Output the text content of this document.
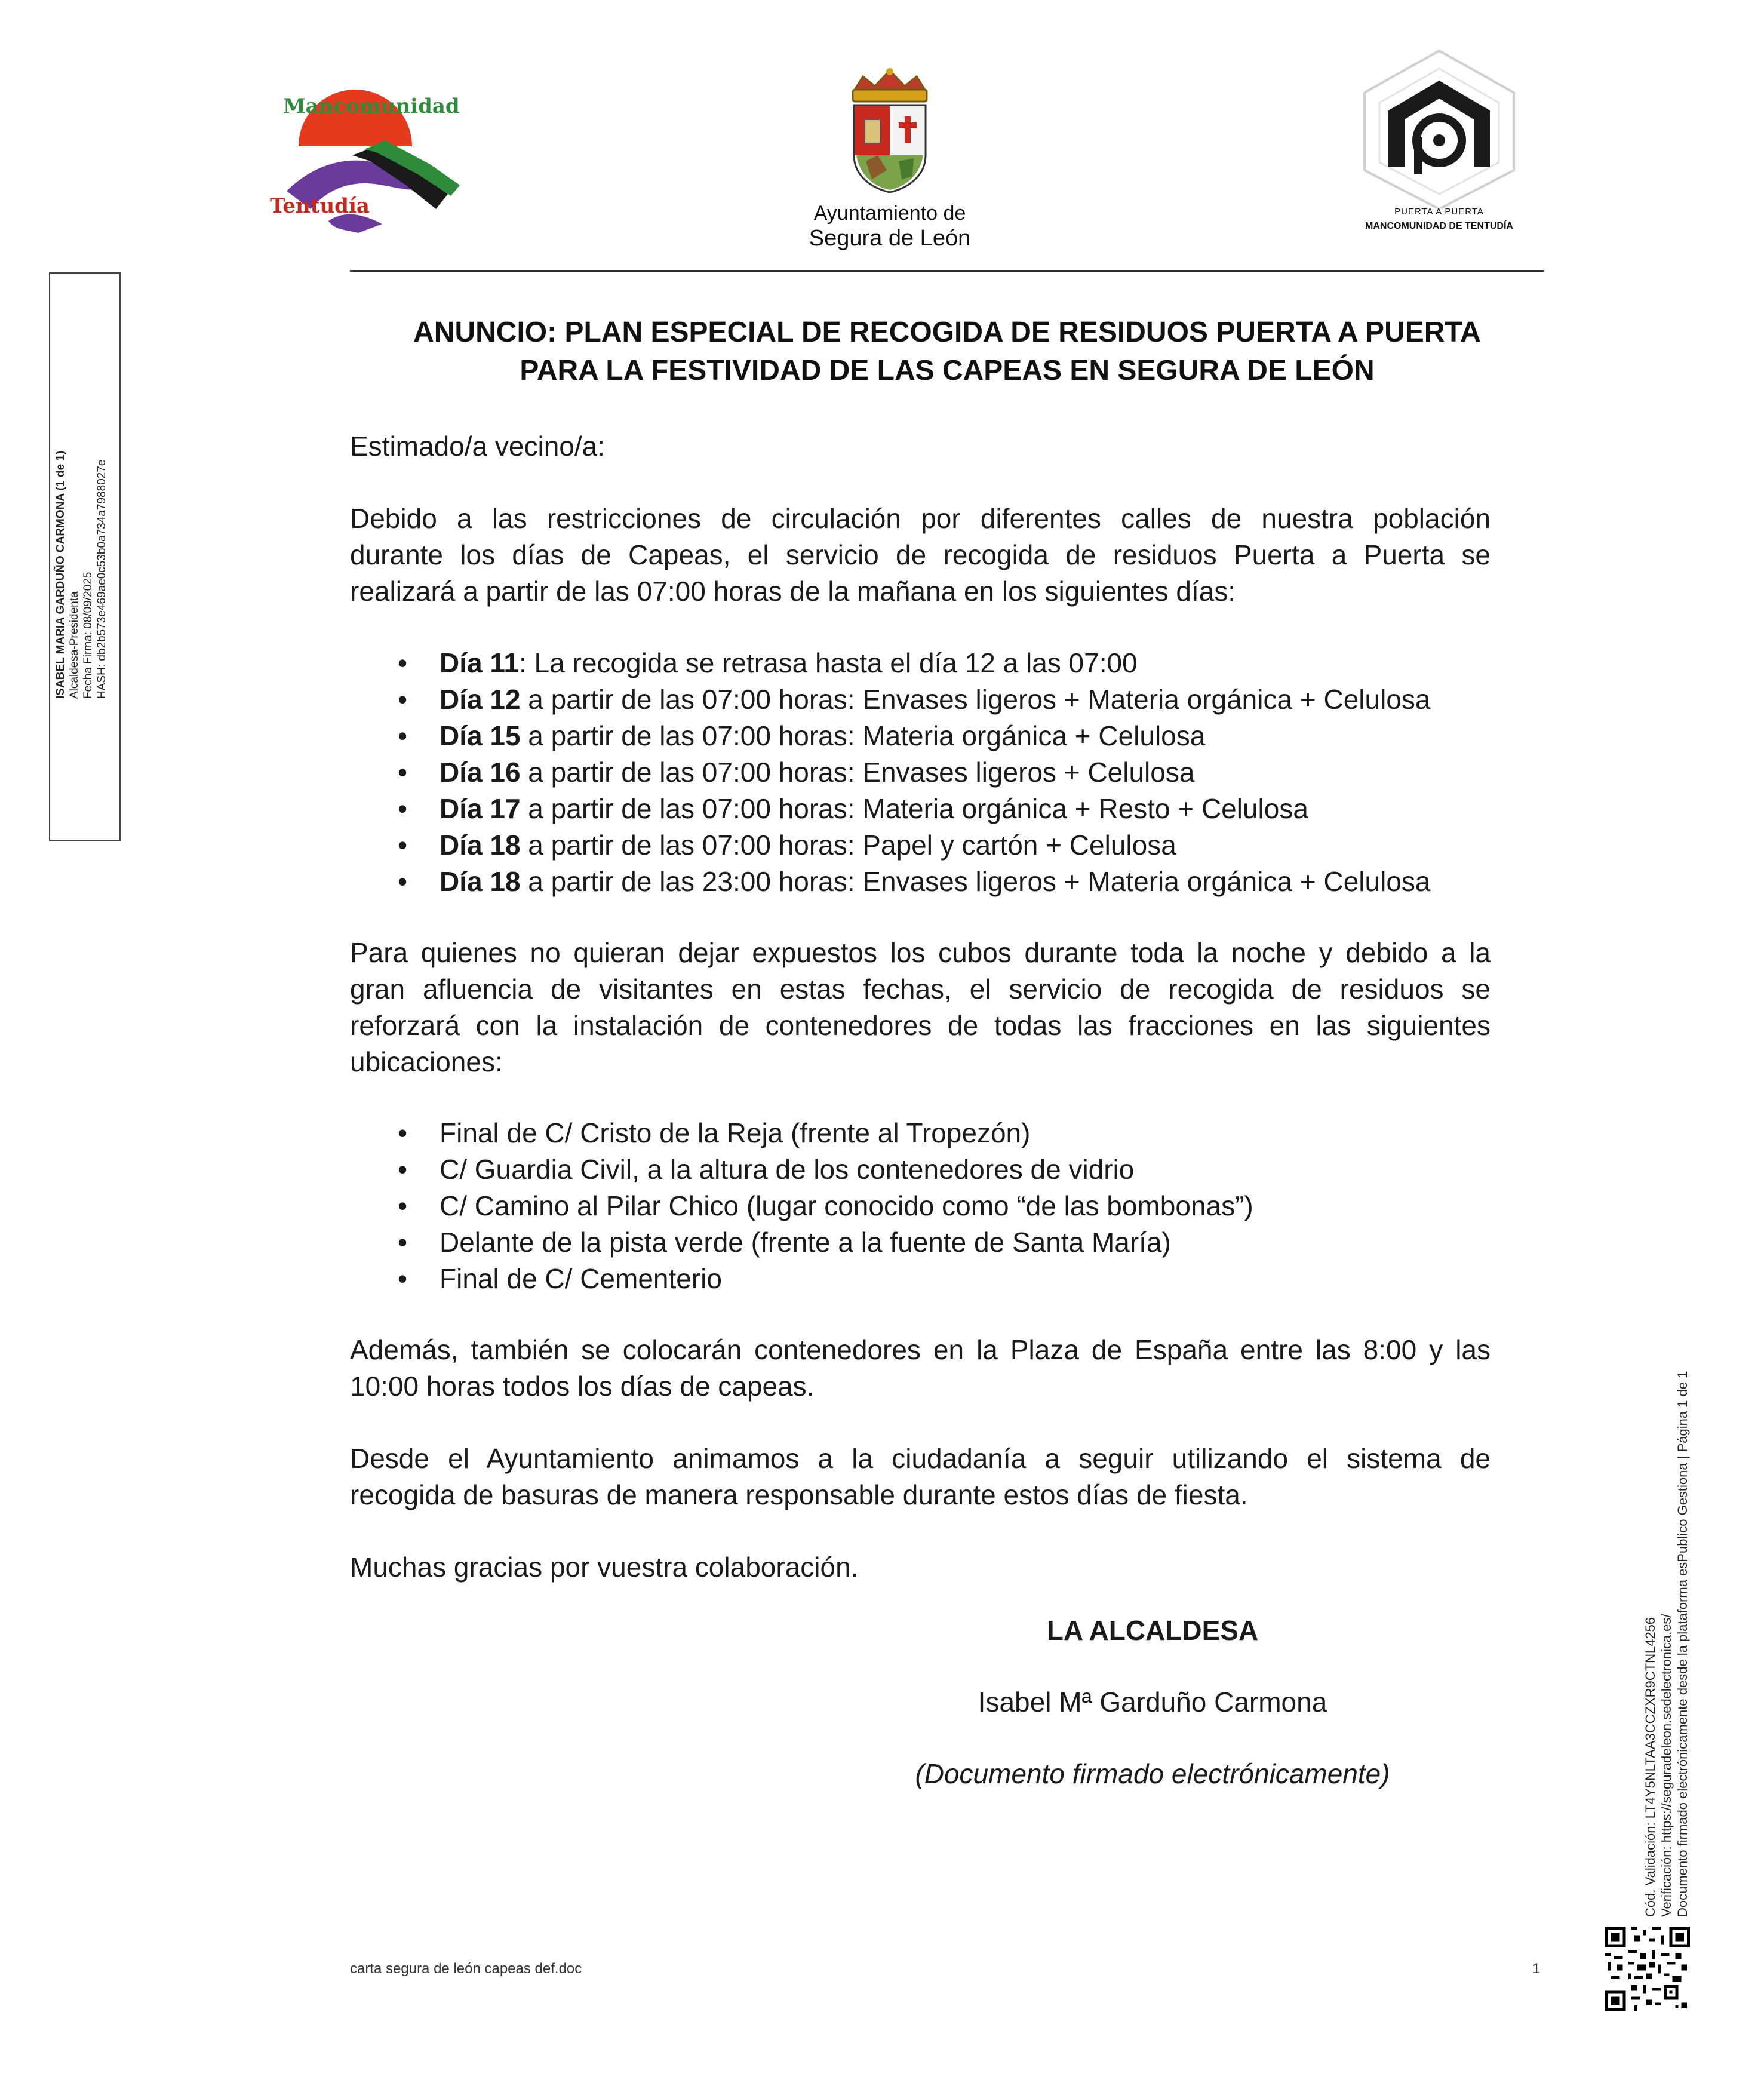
Mancomunidad
Tentudía	Ayuntamiento de
Segura de León
PUERTA A PUERTA
MANCOMUNIDAD DE TENTUDÍA
ISABEL MARIA GARDUÑO CARMONA (1 de 1) Alcaldesa-Presidenta Fecha Firma: 08/09/2025 HASH: db2b573e469ae0c53b0a734a7988027e
Cód. Validación: LT4Y5NLTAA3CCZXR9CTNL4256 Verificación: https://seguradeleon.sedelectronica.es/ Documento firmado electrónicamente desde la plataforma esPublico Gestiona | Página 1 de 1
ANUNCIO: PLAN ESPECIAL DE RECOGIDA DE RESIDUOS PUERTA A PUERTA
PARA LA FESTIVIDAD DE LAS CAPEAS EN SEGURA DE LEÓN
Estimado/a vecino/a:
Debido a las restricciones de circulación por diferentes calles de nuestra población
durante los días de Capeas, el servicio de recogida de residuos Puerta a Puerta se
realizará a partir de las 07:00 horas de la mañana en los siguientes días:
• Día 11: La recogida se retrasa hasta el día 12 a las 07:00
• Día 12 a partir de las 07:00 horas: Envases ligeros + Materia orgánica + Celulosa
• Día 15 a partir de las 07:00 horas: Materia orgánica + Celulosa
• Día 16 a partir de las 07:00 horas: Envases ligeros + Celulosa
• Día 17 a partir de las 07:00 horas: Materia orgánica + Resto + Celulosa
• Día 18 a partir de las 07:00 horas: Papel y cartón + Celulosa
• Día 18 a partir de las 23:00 horas: Envases ligeros + Materia orgánica + Celulosa
Para quienes no quieran dejar expuestos los cubos durante toda la noche y debido a la
gran afluencia de visitantes en estas fechas, el servicio de recogida de residuos se
reforzará con la instalación de contenedores de todas las fracciones en las siguientes
ubicaciones:
• Final de C/ Cristo de la Reja (frente al Tropezón)
• C/ Guardia Civil, a la altura de los contenedores de vidrio
• C/ Camino al Pilar Chico (lugar conocido como “de las bombonas”)
• Delante de la pista verde (frente a la fuente de Santa María)
• Final de C/ Cementerio
Además, también se colocarán contenedores en la Plaza de España entre las 8:00 y las
10:00 horas todos los días de capeas.
Desde el Ayuntamiento animamos a la ciudadanía a seguir utilizando el sistema de
recogida de basuras de manera responsable durante estos días de fiesta.
Muchas gracias por vuestra colaboración.
LA ALCALDESA
Isabel Mª Garduño Carmona
(Documento firmado electrónicamente)
carta segura de león capeas def.doc	1
